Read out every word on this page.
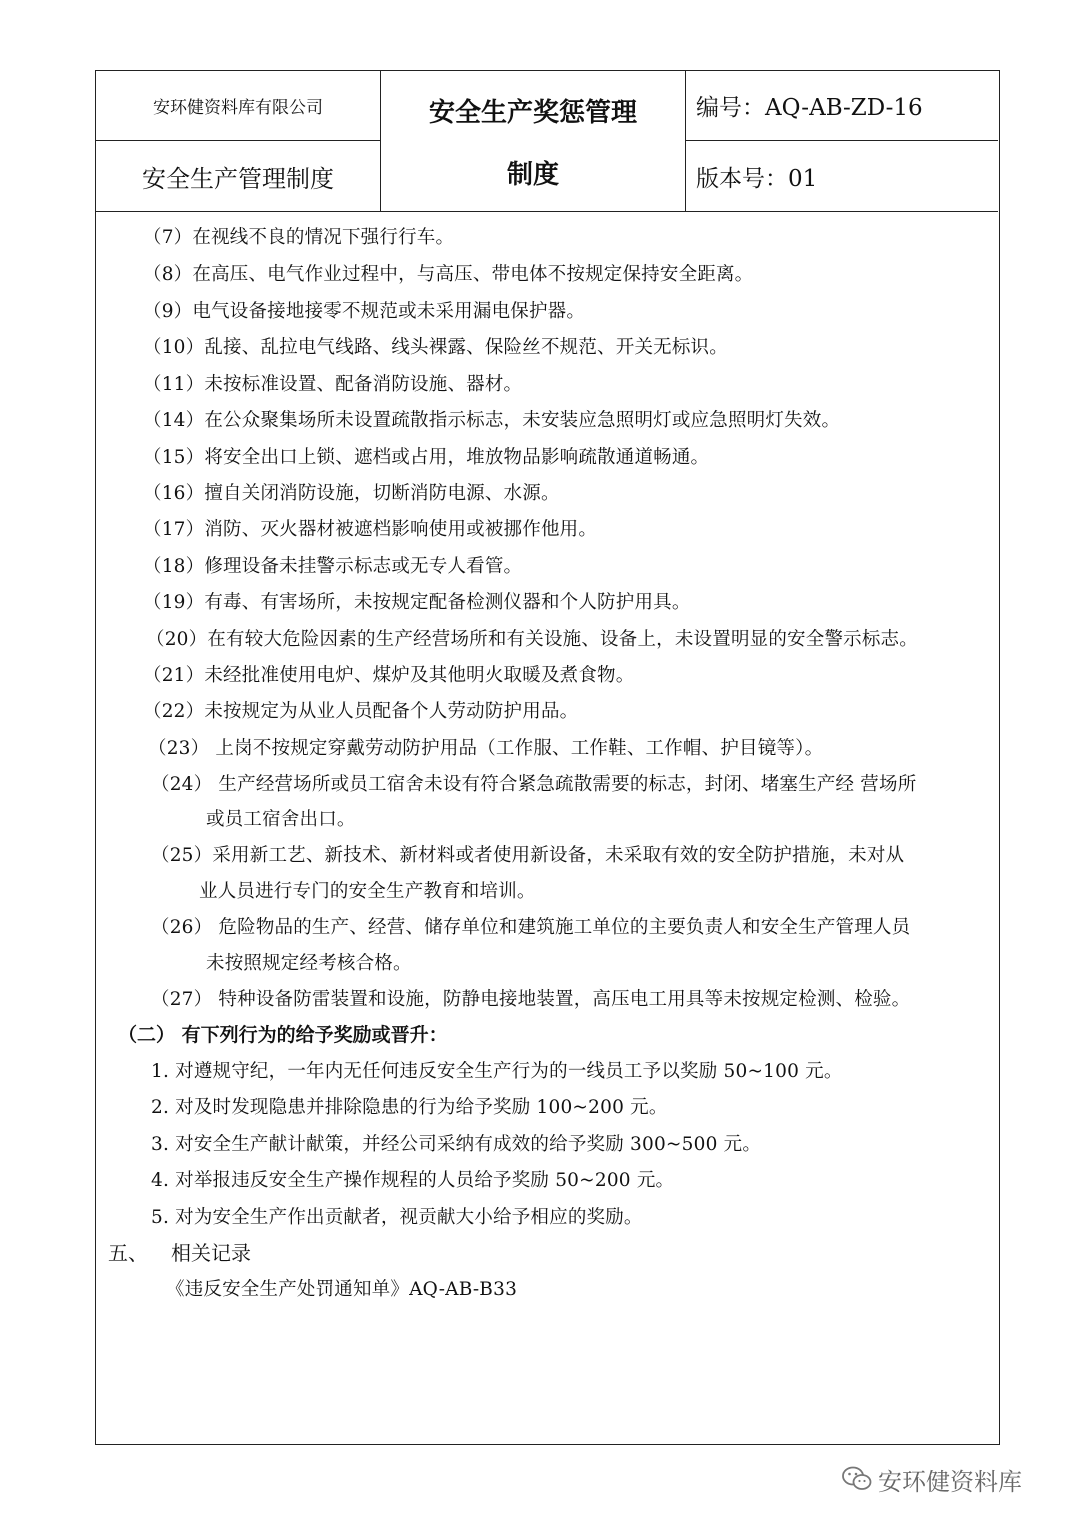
安环健资料库有限公司
安全生产管理制度
安全生产奖惩管理
制度
编号：AQ-AB-ZD-16
版本号：01
（7）在视线不良的情况下强行行车。
（8）在高压、电气作业过程中，与高压、带电体不按规定保持安全距离。
（9）电气设备接地接零不规范或未采用漏电保护器。
（10）乱接、乱拉电气线路、线头裸露、保险丝不规范、开关无标识。
（11）未按标准设置、配备消防设施、器材。
（14）在公众聚集场所未设置疏散指示标志，未安装应急照明灯或应急照明灯失效。
（15）将安全出口上锁、遮档或占用，堆放物品影响疏散通道畅通。
（16）擅自关闭消防设施，切断消防电源、水源。
（17）消防、灭火器材被遮档影响使用或被挪作他用。
（18）修理设备未挂警示标志或无专人看管。
（19）有毒、有害场所，未按规定配备检测仪器和个人防护用具。
（20）在有较大危险因素的生产经营场所和有关设施、设备上，未设置明显的安全警示标志。
（21）未经批准使用电炉、煤炉及其他明火取暖及煮食物。
（22）未按规定为从业人员配备个人劳动防护用品。
（23） 上岗不按规定穿戴劳动防护用品（工作服、工作鞋、工作帽、护目镜等）。
（24） 生产经营场所或员工宿舍未设有符合紧急疏散需要的标志，封闭、堵塞生产经 营场所
或员工宿舍出口。
（25）采用新工艺、新技术、新材料或者使用新设备，未采取有效的安全防护措施，未对从
业人员进行专门的安全生产教育和培训。
（26） 危险物品的生产、经营、储存单位和建筑施工单位的主要负责人和安全生产管理人员
未按照规定经考核合格。
（27） 特种设备防雷装置和设施，防静电接地装置，高压电工用具等未按规定检测、检验。
（二） 有下列行为的给予奖励或晋升：
1. 对遵规守纪，一年内无任何违反安全生产行为的一线员工予以奖励 50~100 元。
2. 对及时发现隐患并排除隐患的行为给予奖励 100~200 元。
3. 对安全生产献计献策，并经公司采纳有成效的给予奖励 300~500 元。
4. 对举报违反安全生产操作规程的人员给予奖励 50~200 元。
5. 对为安全生产作出贡献者，视贡献大小给予相应的奖励。
五、 相关记录
《违反安全生产处罚通知单》AQ-AB-B33
安环健资料库
